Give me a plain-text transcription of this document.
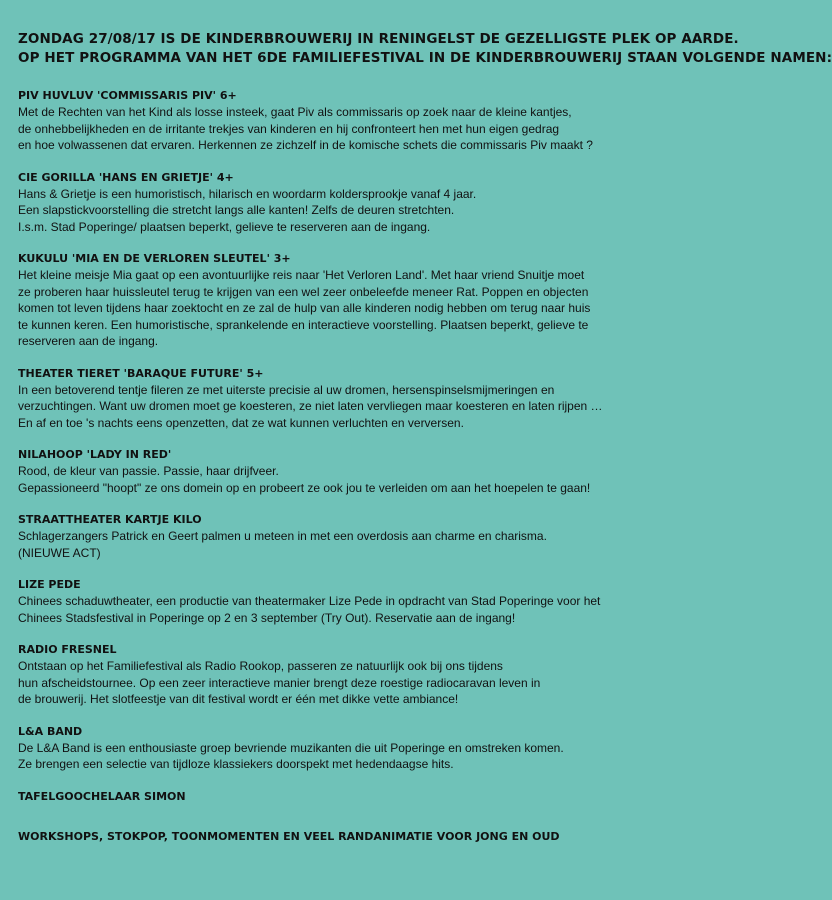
ZONDAG 27/08/17 IS DE KINDERBROUWERIJ IN RENINGELST DE GEZELLIGSTE PLEK OP AARDE.
OP HET PROGRAMMA VAN HET 6DE FAMILIEFESTIVAL IN DE KINDERBROUWERIJ STAAN VOLGENDE NAMEN:
PIV HUVLUV 'COMMISSARIS PIV' 6+

Met de Rechten van het Kind als losse insteek, gaat Piv als commissaris op zoek naar de kleine kantjes,
de onhebbelijkheden en de irritante trekjes van kinderen en hij confronteert hen met hun eigen gedrag
en hoe volwassenen dat ervaren. Herkennen ze zichzelf in de komische schets die commissaris Piv maakt ?

CIE GORILLA 'HANS EN GRIETJE' 4+

Hans & Grietje is een humoristisch, hilarisch en woordarm koldersprookje vanaf 4 jaar.
Een slapstickvoorstelling die stretcht langs alle kanten! Zelfs de deuren stretchten.
I.s.m. Stad Poperinge/ plaatsen beperkt, gelieve te reserveren aan de ingang.

KUKULU 'MIA EN DE VERLOREN SLEUTEL' 3+

Het kleine meisje Mia gaat op een avontuurlijke reis naar 'Het Verloren Land'. Met haar vriend Snuitje moet
ze proberen haar huissleutel terug te krijgen van een wel zeer onbeleefde meneer Rat. Poppen en objecten
komen tot leven tijdens haar zoektocht en ze zal de hulp van alle kinderen nodig hebben om terug naar huis
te kunnen keren. Een humoristische, sprankelende en interactieve voorstelling. Plaatsen beperkt, gelieve te
reserveren aan de ingang.

THEATER TIERET 'BARAQUE FUTURE' 5+

In een betoverend tentje fileren ze met uiterste precisie al uw dromen, hersenspinselsmijmeringen en
verzuchtingen. Want uw dromen moet ge koesteren, ze niet laten vervliegen maar koesteren en laten rijpen …
En af en toe 's nachts eens openzetten, dat ze wat kunnen verluchten en verversen.

NILAHOOP 'LADY IN RED'

Rood, de kleur van passie. Passie, haar drijfveer.
Gepassioneerd "hoopt" ze ons domein op en probeert ze ook jou te verleiden om aan het hoepelen te gaan!

STRAATTHEATER KARTJE KILO

Schlagerzangers Patrick en Geert palmen u meteen in met een overdosis aan charme en charisma.
(NIEUWE ACT)

LIZE PEDE

Chinees schaduwtheater, een productie van theatermaker Lize Pede in opdracht van Stad Poperinge voor het
Chinees Stadsfestival in Poperinge op 2 en 3 september (Try Out). Reservatie aan de ingang!

RADIO FRESNEL

Ontstaan op het Familiefestival als Radio Rookop, passeren ze natuurlijk ook bij ons tijdens
hun afscheidstournee. Op een zeer interactieve manier brengt deze roestige radiocaravan leven in
de brouwerij. Het slotfeestje van dit festival wordt er één met dikke vette ambiance!

L&A BAND

De L&A Band is een enthousiaste groep bevriende muzikanten die uit Poperinge en omstreken komen.
Ze brengen een selectie van tijdloze klassiekers doorspekt met hedendaagse hits.

TAFELGOOCHELAAR SIMON
WORKSHOPS, STOKPOP, TOONMOMENTEN EN VEEL RANDANIMATIE VOOR JONG EN OUD
